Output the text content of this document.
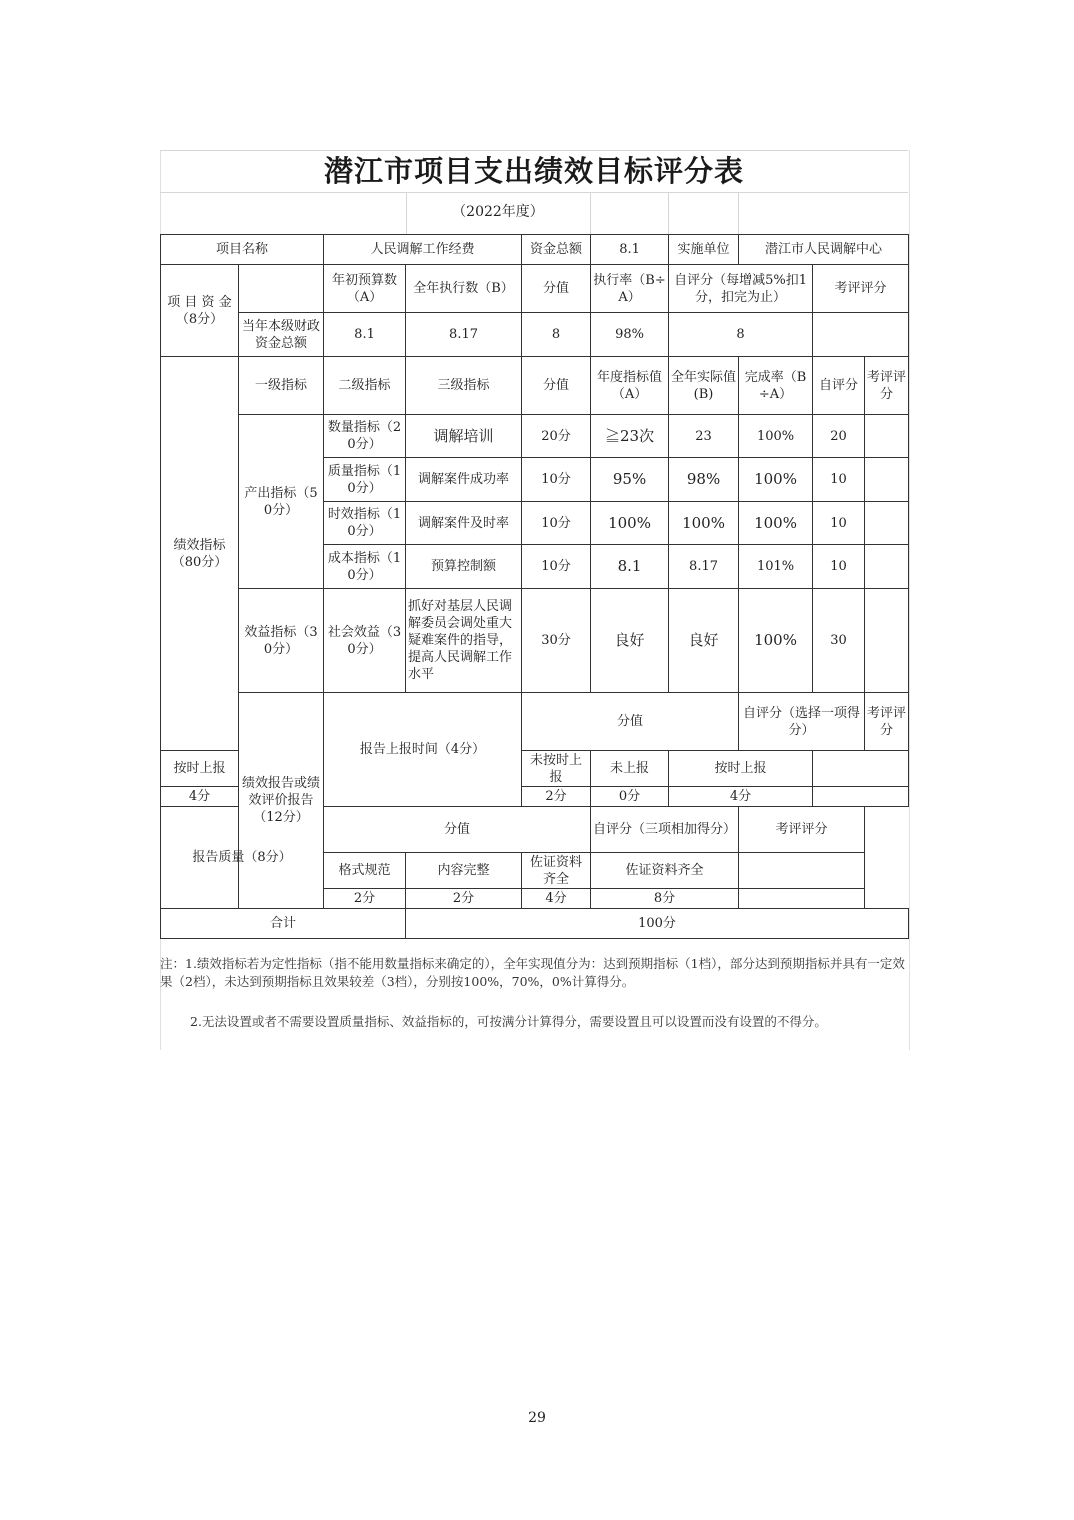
潜江市项目支出绩效目标评分表
（2022年度）
项目名称		人民调解工作经费		资金总额	8.1	实施单位	潜江市人民调解中心			
项 目 资 金（8分）		年初预算数（A）	全年执行数（B）	分值	执行率（B÷A）	自评分（每增减5%扣1分，扣完为止）		考评评分		
	当年本级财政资金总额	8.1	8.17	8	98%	8				
绩效指标（80分）	一级指标	二级指标	三级指标	分值	年度指标值（A）	全年实际值(B)	完成率（B÷A）	自评分	考评评分	
	产出指标（50分）	数量指标（20分）	调解培训	20分	≧23次	23	100%	20		
		质量指标（10分）	调解案件成功率	10分	95%	98%	100%	10		
		时效指标（10分）	调解案件及时率	10分	100%	100%	100%	10		
		成本指标（10分）	预算控制额	10分	8.1	8.17	101%	10		
	效益指标（30分）	社会效益（30分）	抓好对基层人民调解委员会调处重大疑难案件的指导，提高人民调解工作水平	30分	良好	良好	100%	30		
	绩效报告或绩效评价报告（12分）	报告上报时间（4分）		分值			自评分（选择一项得分）		考评评分	
按时上报				未按时上报	未上报	按时上报				
4分				2分	0分	4分				
报告质量（8分）		分值			自评分（三项相加得分）		考评评分			
		格式规范	内容完整	佐证资料齐全	佐证资料齐全					
		2分	2分	4分	8分					
合计			100分							
注：1.绩效指标若为定性指标（指不能用数量指标来确定的），全年实现值分为：达到预期指标（1档），部分达到预期指标并具有一定效果（2档），未达到预期指标且效果较差（3档），分别按100%，70%，0%计算得分。
2.无法设置或者不需要设置质量指标、效益指标的，可按满分计算得分，需要设置且可以设置而没有设置的不得分。
29
